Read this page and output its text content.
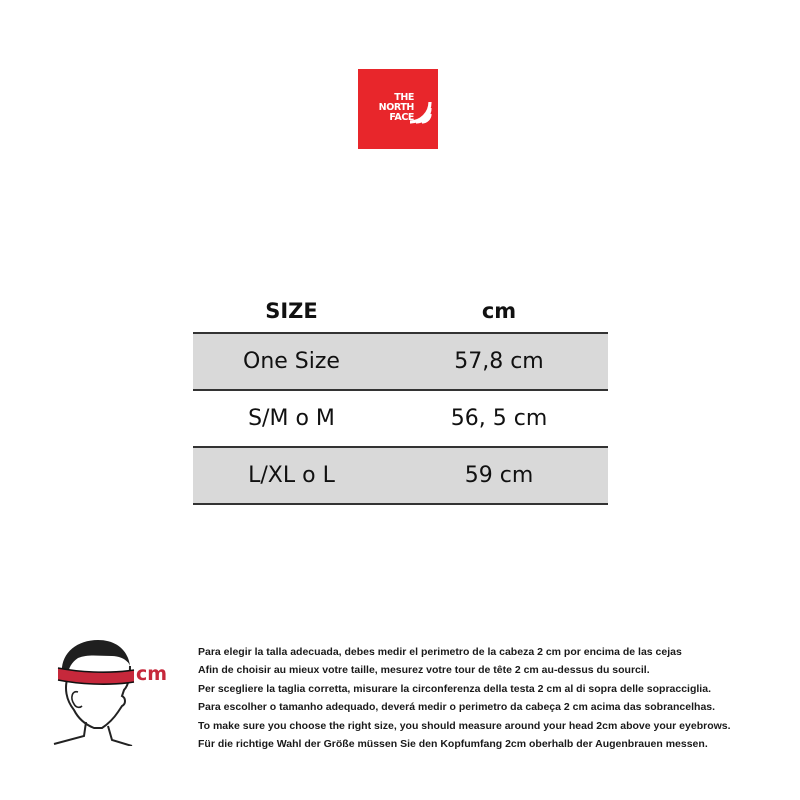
THE
NORTH
FACE
SIZE	cm
One Size	57,8 cm
S/M o M	56, 5 cm
L/XL o L	59 cm
cm
Para elegir la talla adecuada, debes medir el perimetro de la cabeza 2 cm por encima de las cejas
Afin de choisir au mieux votre taille, mesurez votre tour de tête 2 cm au-dessus du sourcil.
Per scegliere la taglia corretta, misurare la circonferenza della testa 2 cm al di sopra delle sopracciglia.
Para escolher o tamanho adequado, deverá medir o perimetro da cabeça 2 cm acima das sobrancelhas.
To make sure you choose the right size, you should measure around your head 2cm above your eyebrows.
Für die richtige Wahl der Größe müssen Sie den Kopfumfang 2cm oberhalb der Augenbrauen messen.
